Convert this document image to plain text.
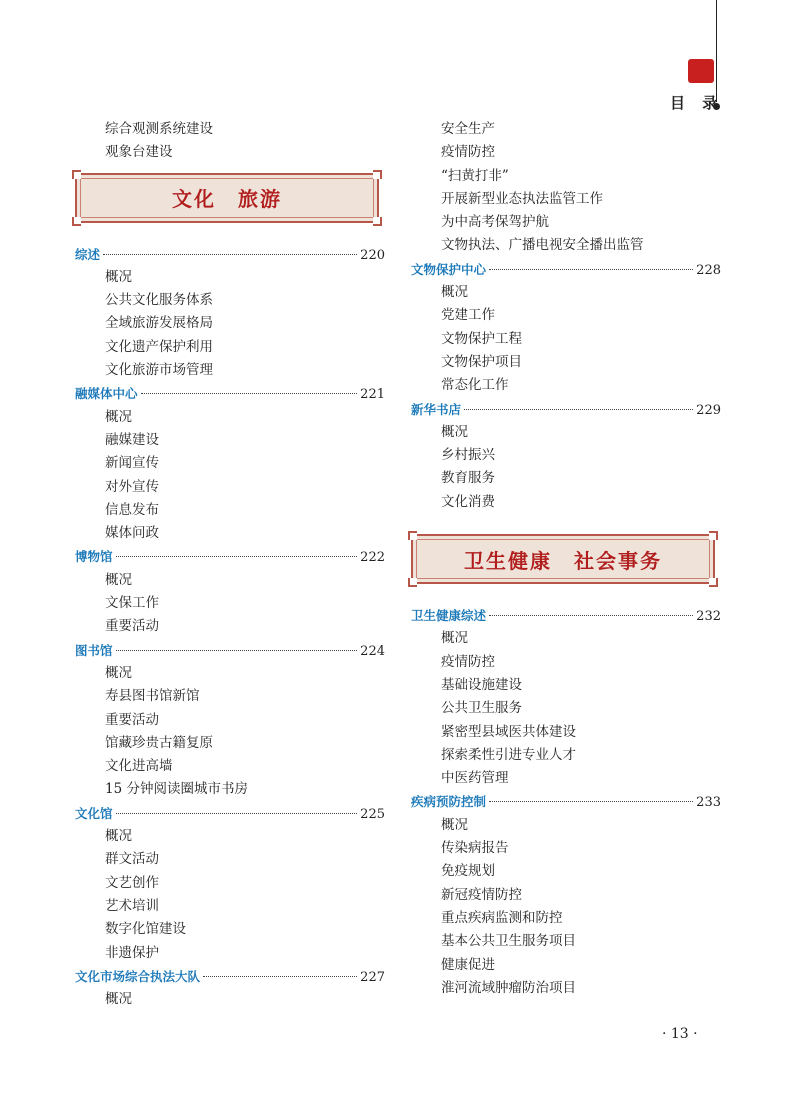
目 录
综合观测系统建设
观象台建设
文化　旅游
综述	220
概况
公共文化服务体系
全域旅游发展格局
文化遗产保护利用
文化旅游市场管理
融媒体中心	221
概况
融媒建设
新闻宣传
对外宣传
信息发布
媒体问政
博物馆	222
概况
文保工作
重要活动
图书馆	224
概况
寿县图书馆新馆
重要活动
馆藏珍贵古籍复原
文化进高墙
15 分钟阅读圈城市书房
文化馆	225
概况
群文活动
文艺创作
艺术培训
数字化馆建设
非遗保护
文化市场综合执法大队	227
概况
安全生产
疫情防控
“扫黄打非”
开展新型业态执法监管工作
为中高考保驾护航
文物执法、广播电视安全播出监管
文物保护中心	228
概况
党建工作
文物保护工程
文物保护项目
常态化工作
新华书店	229
概况
乡村振兴
教育服务
文化消费
卫生健康　社会事务
卫生健康综述	232
概况
疫情防控
基础设施建设
公共卫生服务
紧密型县域医共体建设
探索柔性引进专业人才
中医药管理
疾病预防控制	233
概况
传染病报告
免疫规划
新冠疫情防控
重点疾病监测和防控
基本公共卫生服务项目
健康促进
淮河流域肿瘤防治项目
· 13 ·
